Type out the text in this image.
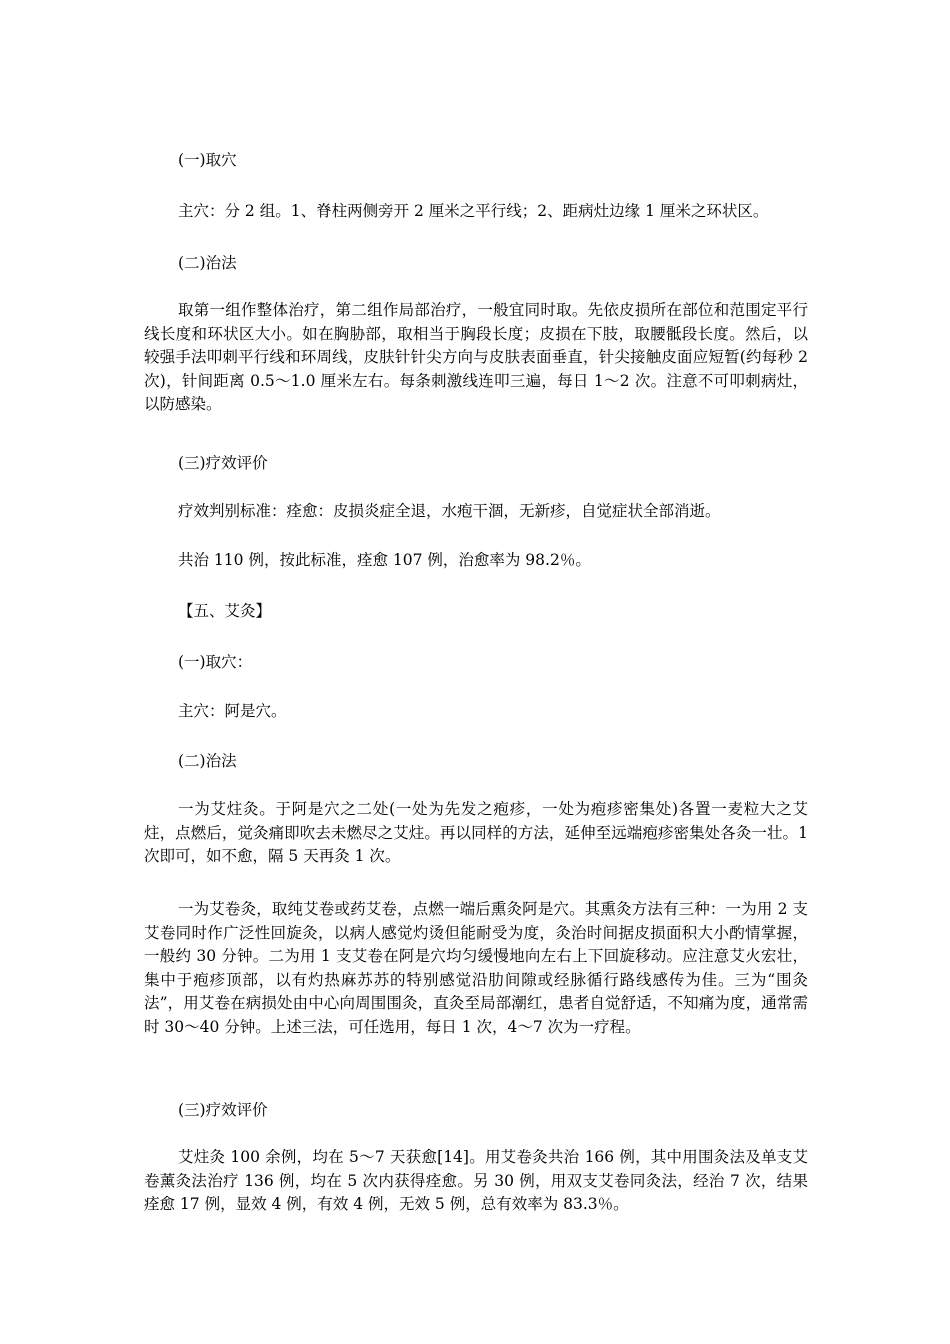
(一)取穴

主穴：分 2 组。1、脊柱两侧旁开 2 厘米之平行线；2、距病灶边缘 1 厘米之环状区。

(二)治法

取第一组作整体治疗，第二组作局部治疗，一般宜同时取。先依皮损所在部位和范围定平行线长度和环状区大小。如在胸胁部，取相当于胸段长度；皮损在下肢，取腰骶段长度。然后，以较强手法叩刺平行线和环周线，皮肤针针尖方向与皮肤表面垂直，针尖接触皮面应短暂(约每秒 2 次)，针间距离 0.5～1.0 厘米左右。每条刺激线连叩三遍，每日 1～2 次。注意不可叩刺病灶，以防感染。

(三)疗效评价

疗效判别标准：痊愈：皮损炎症全退，水疱干涸，无新疹，自觉症状全部消逝。

共治 110 例，按此标准，痊愈 107 例，治愈率为 98.2％。

【五、艾灸】

(一)取穴：

主穴：阿是穴。

(二)治法

一为艾炷灸。于阿是穴之二处(一处为先发之疱疹，一处为疱疹密集处)各置一麦粒大之艾炷，点燃后，觉灸痛即吹去未燃尽之艾炷。再以同样的方法，延伸至远端疱疹密集处各灸一壮。1 次即可，如不愈，隔 5 天再灸 1 次。

一为艾卷灸，取纯艾卷或药艾卷，点燃一端后熏灸阿是穴。其熏灸方法有三种：一为用 2 支艾卷同时作广泛性回旋灸，以病人感觉灼烫但能耐受为度，灸治时间据皮损面积大小酌情掌握，一般约 30 分钟。二为用 1 支艾卷在阿是穴均匀缓慢地向左右上下回旋移动。应注意艾火宏壮，集中于疱疹顶部，以有灼热麻苏苏的特别感觉沿肋间隙或经脉循行路线感传为佳。三为“围灸法”，用艾卷在病损处由中心向周围围灸，直灸至局部潮红，患者自觉舒适，不知痛为度，通常需时 30～40 分钟。上述三法，可任选用，每日 1 次，4～7 次为一疗程。

(三)疗效评价

艾炷灸 100 余例，均在 5～7 天获愈[14]。用艾卷灸共治 166 例，其中用围灸法及单支艾卷薰灸法治疗 136 例，均在 5 次内获得痊愈。另 30 例，用双支艾卷同灸法，经治 7 次，结果痊愈 17 例，显效 4 例，有效 4 例，无效 5 例，总有效率为 83.3％。
